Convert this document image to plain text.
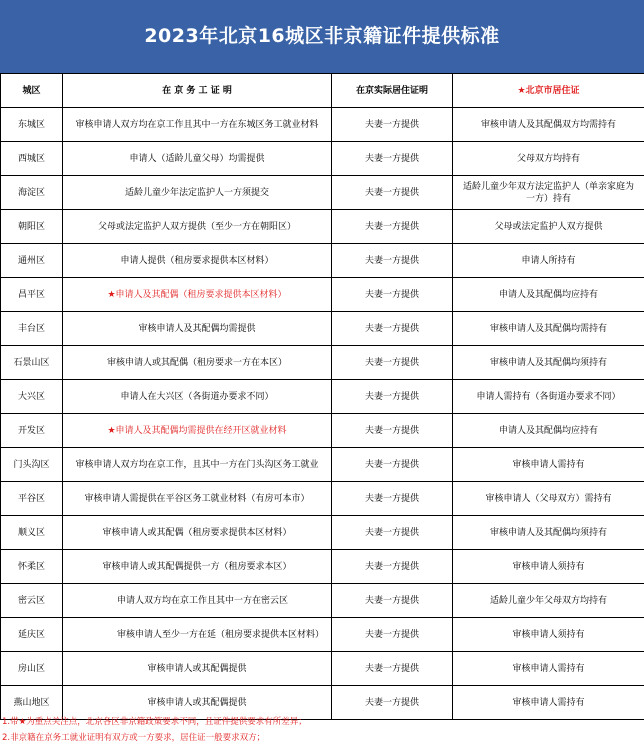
2023年北京16城区非京籍证件提供标准
城区	在 京 务 工 证 明	在京实际居住证明	★北京市居住证
东城区	审核申请人双方均在京工作且其中一方在东城区务工就业材料	夫妻一方提供	审核申请人及其配偶双方均需持有
西城区	申请人（适龄儿童父母）均需提供	夫妻一方提供	父母双方均持有
海淀区	适龄儿童少年法定监护人一方须提交	夫妻一方提供	适龄儿童少年双方法定监护人（单亲家庭为一方）持有
朝阳区	父母或法定监护人双方提供（至少一方在朝阳区）	夫妻一方提供	父母或法定监护人双方提供
通州区	申请人提供（租房要求提供本区材料）	夫妻一方提供	申请人所持有
昌平区	★申请人及其配偶（租房要求提供本区材料）	夫妻一方提供	申请人及其配偶均应持有
丰台区	审核申请人及其配偶均需提供	夫妻一方提供	审核申请人及其配偶均需持有
石景山区	审核申请人或其配偶（租房要求一方在本区）	夫妻一方提供	审核申请人及其配偶均须持有
大兴区	申请人在大兴区（各街道办要求不同）	夫妻一方提供	申请人需持有（各街道办要求不同）
开发区	★申请人及其配偶均需提供在经开区就业材料	夫妻一方提供	申请人及其配偶均应持有
门头沟区	审核申请人双方均在京工作，且其中一方在门头沟区务工就业	夫妻一方提供	审核申请人需持有
平谷区	审核申请人需提供在平谷区务工就业材料（有房可本市）	夫妻一方提供	审核申请人（父母双方）需持有
顺义区	审核申请人或其配偶（租房要求提供本区材料）	夫妻一方提供	审核申请人及其配偶均须持有
怀柔区	审核申请人或其配偶提供一方（租房要求本区）	夫妻一方提供	审核申请人须持有
密云区	申请人双方均在京工作且其中一方在密云区	夫妻一方提供	适龄儿童少年父母双方均持有
延庆区	审核申请人至少一方在延（租房要求提供本区材料）	夫妻一方提供	审核申请人须持有
房山区	审核申请人或其配偶提供	夫妻一方提供	审核申请人需持有
燕山地区	审核申请人或其配偶提供	夫妻一方提供	审核申请人需持有
1.带★为重点关注点，北京各区非京籍政策要求不同，且证件提供要求有所差异；
2.非京籍在京务工就业证明有双方或一方要求，居住证一般要求双方；
